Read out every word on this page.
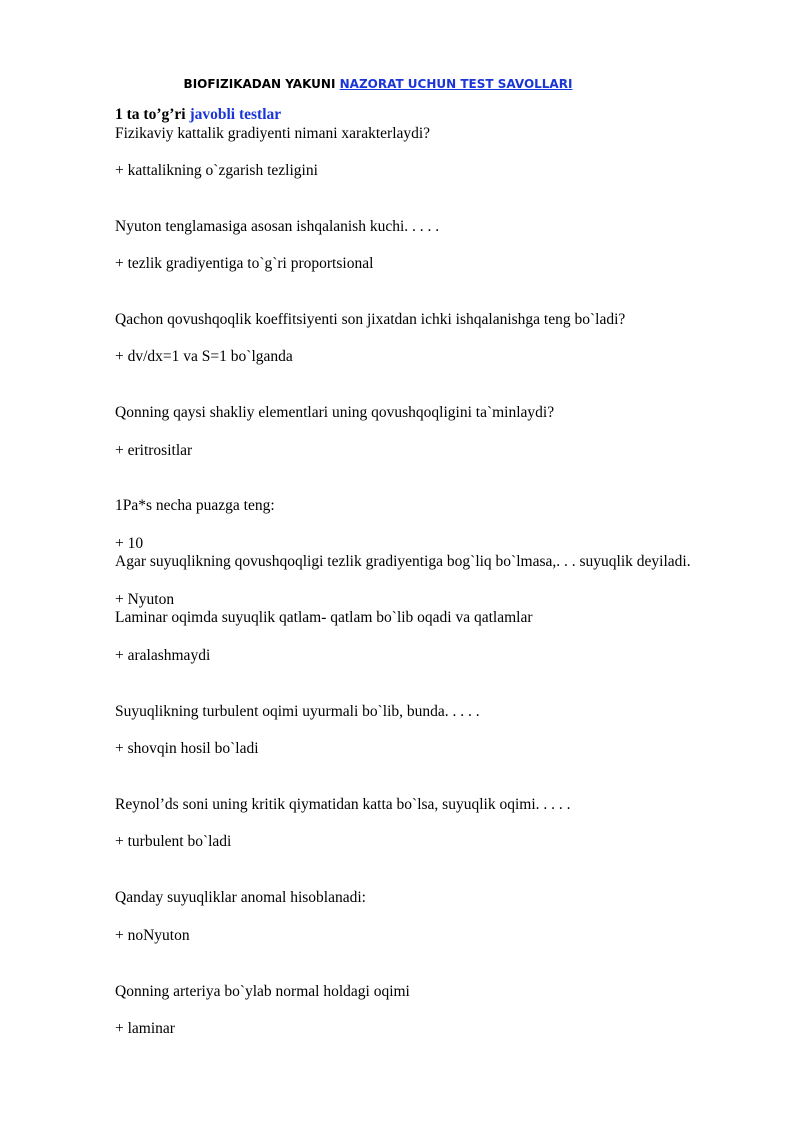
BIOFIZIKADAN YAKUNI NAZORAT UCHUN TEST SAVOLLARI
1 ta to’g’ri javobli testlar
Fizikaviy kattalik gradiyenti nimani xarakterlaydi?
+ kattalikning o`zgarish tezligini
Nyuton tenglamasiga asosan ishqalanish kuchi. . . . .
+ tezlik gradiyentiga to`g`ri proportsional
Qachon qovushqoqlik koeffitsiyenti son jixatdan ichki ishqalanishga teng bo`ladi?
+ dv/dx=1 va S=1 bo`lganda
Qonning qaysi shakliy elementlari uning qovushqoqligini ta`minlaydi?
+ eritrositlar
1Pa*s necha puazga teng:
+ 10
Agar suyuqlikning qovushqoqligi tezlik gradiyentiga bog`liq bo`lmasa,. . . suyuqlik deyiladi.
+ Nyuton
Laminar oqimda suyuqlik qatlam- qatlam bo`lib oqadi va qatlamlar
+ aralashmaydi
Suyuqlikning turbulent oqimi uyurmali bo`lib, bunda. . . . .
+ shovqin hosil bo`ladi
Reynol’ds soni uning kritik qiymatidan katta bo`lsa, suyuqlik oqimi. . . . .
+ turbulent bo`ladi
Qanday suyuqliklar anomal hisoblanadi:
+ noNyuton
Qonning arteriya bo`ylab normal holdagi oqimi
+ laminar
